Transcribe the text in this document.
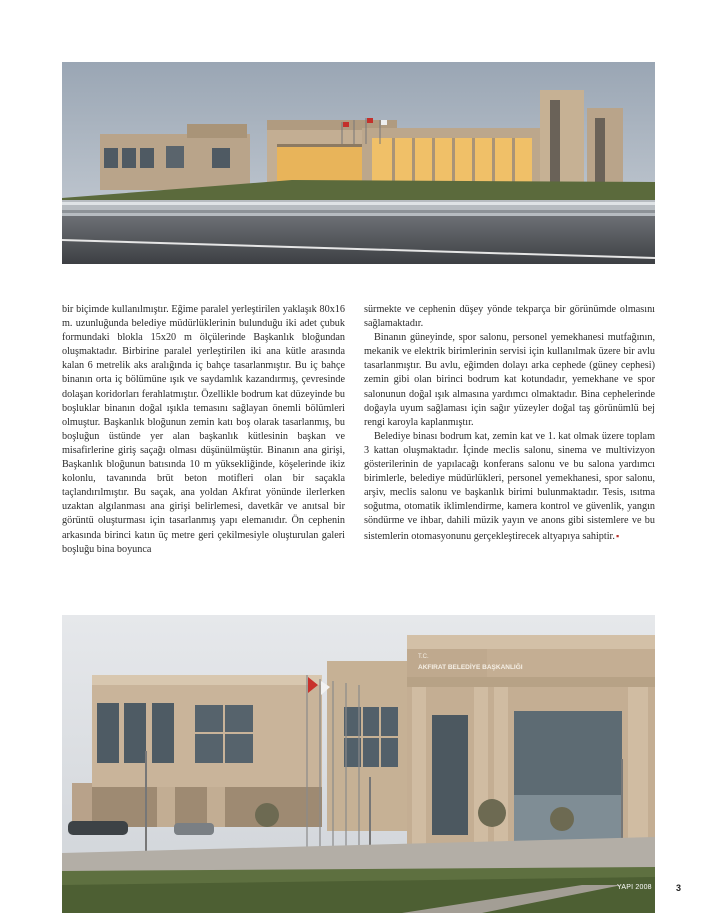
bir biçimde kullanılmıştır. Eğime paralel yerleştirilen yaklaşık 80x16 m. uzunluğunda belediye müdürlüklerinin bulunduğu iki adet çubuk formundaki blokla 15x20 m ölçülerinde Başkanlık bloğundan oluşmaktadır. Birbirine paralel yerleştirilen iki ana kütle arasında kalan 6 metrelik aks aralığında iç bahçe tasarlanmıştır. Bu iç bahçe binanın orta iç bölümüne ışık ve saydamlık kazandırmış, çevresinde dolaşan koridorları ferahlatmıştır. Özellikle bodrum kat düzeyinde bu boşluklar binanın doğal ışıkla temasını sağlayan önemli bölümleri olmuştur. Başkanlık bloğunun zemin katı boş olarak tasarlanmış, bu boşluğun üstünde yer alan başkanlık kütlesinin başkan ve misafirlerine giriş saçağı olması düşünülmüştür. Binanın ana girişi, Başkanlık bloğunun batısında 10 m yüksekliğinde, köşelerinde ikiz kolonlu, tavanında brüt beton motifleri olan bir saçakla taçlandırılmıştır. Bu saçak, ana yoldan Akfırat yönünde ilerlerken uzaktan algılanması ana girişi belirlemesi, davetkâr ve anıtsal bir görüntü oluşturması için tasarlanmış yapı elemanıdır. Ön cephenin arkasında birinci katın üç metre geri çekilmesiyle oluşturulan galeri boşluğu bina boyunca

sürmekte ve cephenin düşey yönde tekparça bir görünümde olmasını sağlamaktadır.

Binanın güneyinde, spor salonu, personel yemekhanesi mutfağının, mekanik ve elektrik birimlerinin servisi için kullanılmak üzere bir avlu tasarlanmıştır. Bu avlu, eğimden dolayı arka cephede (güney cephesi) zemin gibi olan birinci bodrum kat kotundadır, yemekhane ve spor salonunun doğal ışık almasına yardımcı olmaktadır. Bina cephelerinde doğayla uyum sağlaması için sağır yüzeyler doğal taş görünümlü bej rengi karoyla kaplanmıştır.

Belediye binası bodrum kat, zemin kat ve 1. kat olmak üzere toplam 3 kattan oluşmaktadır. İçinde meclis salonu, sinema ve multivizyon gösterilerinin de yapılacağı konferans salonu ve bu salona yardımcı birimlerle, belediye müdürlükleri, personel yemekhanesi, spor salonu, arşiv, meclis salonu ve başkanlık birimi bulunmaktadır. Tesis, ısıtma soğutma, otomatik iklimlendirme, kamera kontrol ve güvenlik, yangın söndürme ve ihbar, dahili müzik yayın ve anons gibi sistemlere ve bu sistemlerin otomasyonunu gerçekleştirecek altyapıya sahiptir.▪

T.C.
AKFIRAT BELEDİYE BAŞKANLIĞI
YAPI 2008	3
